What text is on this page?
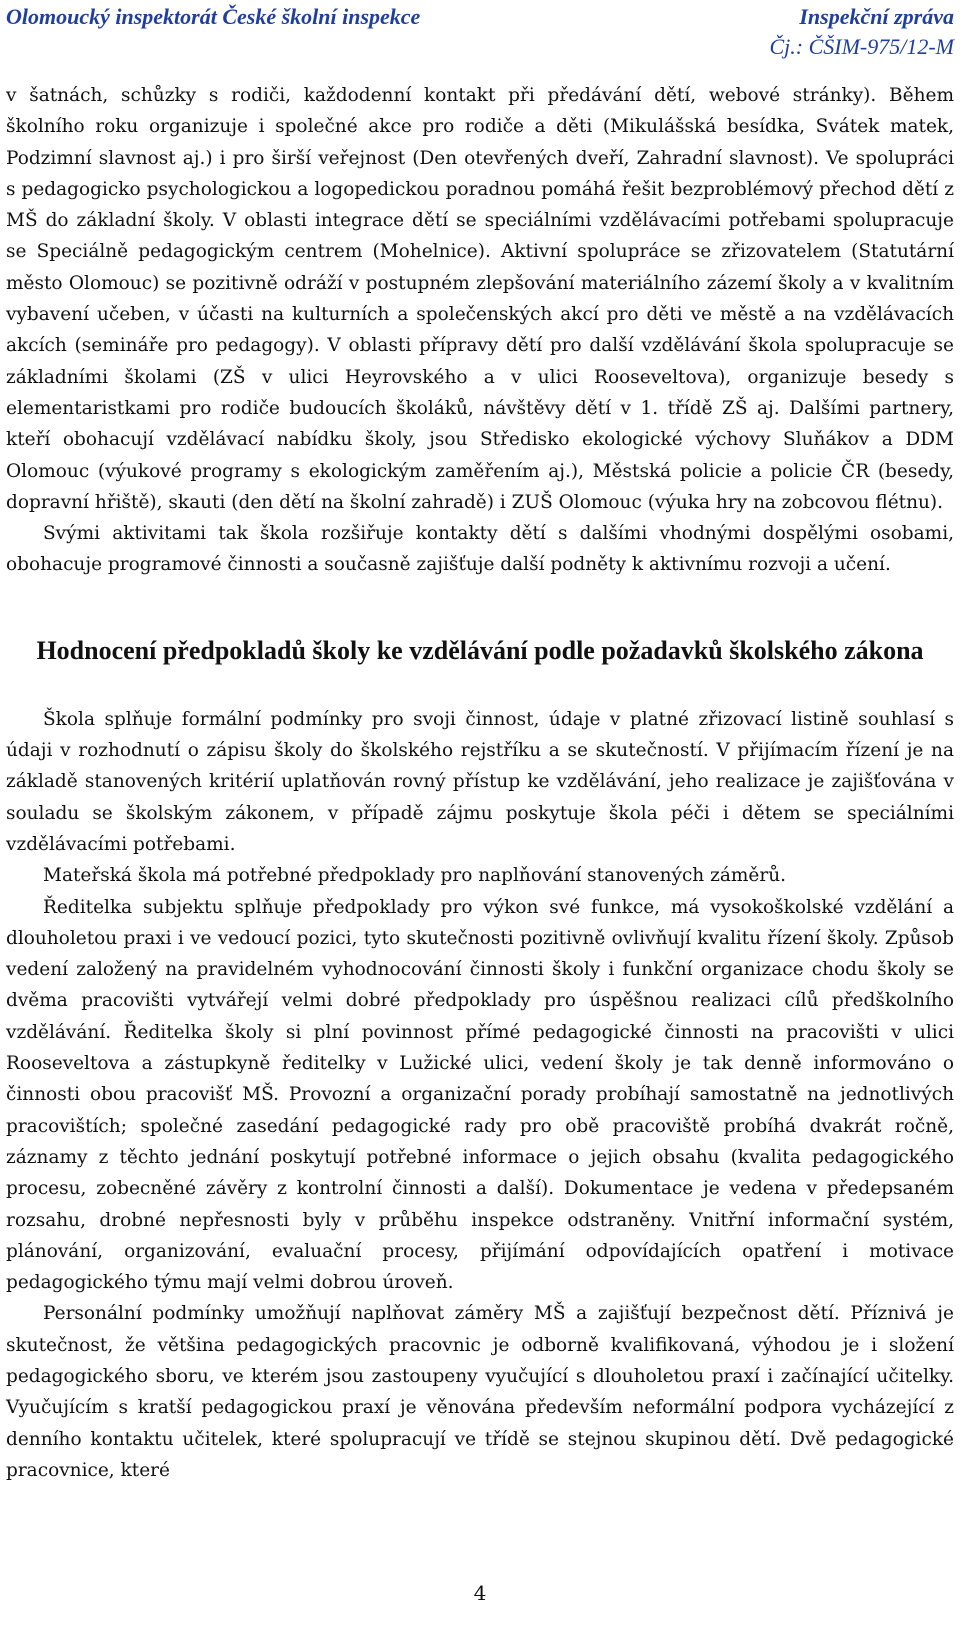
Olomoucký inspektorát České školní inspekce	Inspekční zpráva
Čj.: ČŠIM-975/12-M

v šatnách, schůzky s rodiči, každodenní kontakt při předávání dětí, webové stránky). Během školního roku organizuje i společné akce pro rodiče a děti (Mikulášská besídka, Svátek matek, Podzimní slavnost aj.) i pro širší veřejnost (Den otevřených dveří, Zahradní slavnost). Ve spolupráci s pedagogicko psychologickou a logopedickou poradnou pomáhá řešit bezproblémový přechod dětí z MŠ do základní školy. V oblasti integrace dětí se speciálními vzdělávacími potřebami spolupracuje se Speciálně pedagogickým centrem (Mohelnice). Aktivní spolupráce se zřizovatelem (Statutární město Olomouc) se pozitivně odráží v postupném zlepšování materiálního zázemí školy a v kvalitním vybavení učeben, v účasti na kulturních a společenských akcí pro děti ve městě a na vzdělávacích akcích (semináře pro pedagogy). V oblasti přípravy dětí pro další vzdělávání škola spolupracuje se základními školami (ZŠ v ulici Heyrovského a v ulici Rooseveltova), organizuje besedy s elementaristkami pro rodiče budoucích školáků, návštěvy dětí v 1. třídě ZŠ aj. Dalšími partnery, kteří obohacují vzdělávací nabídku školy, jsou Středisko ekologické výchovy Sluňákov a DDM Olomouc (výukové programy s ekologickým zaměřením aj.), Městská policie a policie ČR (besedy, dopravní hřiště), skauti (den dětí na školní zahradě) i ZUŠ Olomouc (výuka hry na zobcovou flétnu).

Svými aktivitami tak škola rozšiřuje kontakty dětí s dalšími vhodnými dospělými osobami, obohacuje programové činnosti a současně zajišťuje další podněty k aktivnímu rozvoji a učení.

Hodnocení předpokladů školy ke vzdělávání podle požadavků školského zákona

Škola splňuje formální podmínky pro svoji činnost, údaje v platné zřizovací listině souhlasí s údaji v rozhodnutí o zápisu školy do školského rejstříku a se skutečností. V přijímacím řízení je na základě stanovených kritérií uplatňován rovný přístup ke vzdělávání, jeho realizace je zajišťována v souladu se školským zákonem, v případě zájmu poskytuje škola péči i dětem se speciálními vzdělávacími potřebami.

Mateřská škola má potřebné předpoklady pro naplňování stanovených záměrů.

Ředitelka subjektu splňuje předpoklady pro výkon své funkce, má vysokoškolské vzdělání a dlouholetou praxi i ve vedoucí pozici, tyto skutečnosti pozitivně ovlivňují kvalitu řízení školy. Způsob vedení založený na pravidelném vyhodnocování činnosti školy i funkční organizace chodu školy se dvěma pracovišti vytvářejí velmi dobré předpoklady pro úspěšnou realizaci cílů předškolního vzdělávání. Ředitelka školy si plní povinnost přímé pedagogické činnosti na pracovišti v ulici Rooseveltova a zástupkyně ředitelky v Lužické ulici, vedení školy je tak denně informováno o činnosti obou pracovišť MŠ. Provozní a organizační porady probíhají samostatně na jednotlivých pracovištích; společné zasedání pedagogické rady pro obě pracoviště probíhá dvakrát ročně, záznamy z těchto jednání poskytují potřebné informace o jejich obsahu (kvalita pedagogického procesu, zobecněné závěry z kontrolní činnosti a další). Dokumentace je vedena v předepsaném rozsahu, drobné nepřesnosti byly v průběhu inspekce odstraněny. Vnitřní informační systém, plánování, organizování, evaluační procesy, přijímání odpovídajících opatření i motivace pedagogického týmu mají velmi dobrou úroveň.

Personální podmínky umožňují naplňovat záměry MŠ a zajišťují bezpečnost dětí. Příznivá je skutečnost, že většina pedagogických pracovnic je odborně kvalifikovaná, výhodou je i složení pedagogického sboru, ve kterém jsou zastoupeny vyučující s dlouholetou praxí i začínající učitelky. Vyučujícím s kratší pedagogickou praxí je věnována především neformální podpora vycházející z denního kontaktu učitelek, které spolupracují ve třídě se stejnou skupinou dětí. Dvě pedagogické pracovnice, které

4
